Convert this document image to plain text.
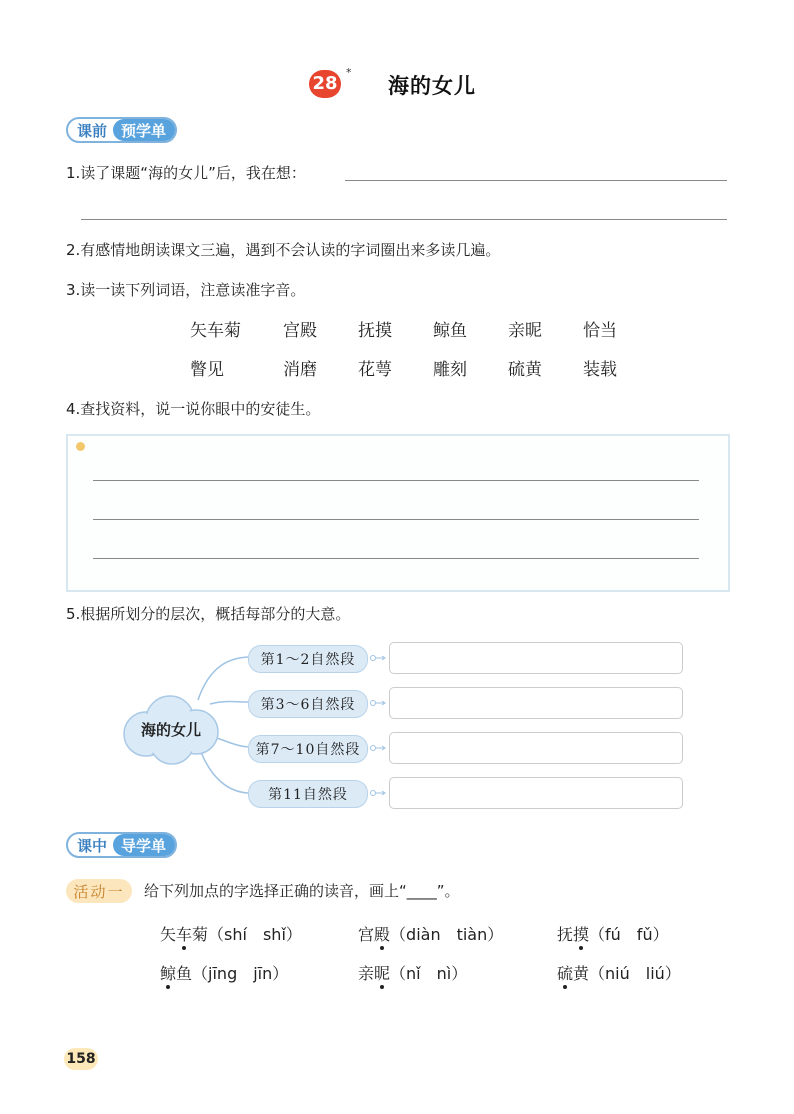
28
*
海的女儿
课前 预学单
1.读了课题“海的女儿”后，我在想：
2.有感情地朗读课文三遍，遇到不会认读的字词圈出来多读几遍。
3.读一读下列词语，注意读准字音。
矢车菊 宫殿 抚摸 鲸鱼 亲昵 恰当
瞥见	消磨 花萼 雕刻 硫黄 装载
4.查找资料，说一说你眼中的安徒生。
5.根据所划分的层次，概括每部分的大意。
海的女儿
第1～2自然段
第3～6自然段
第7～10自然段
第11自然段
课中 导学单
活动一	给下列加点的字选择正确的读音，画上“____”。
矢车菊（shí　shǐ）	宫殿（diàn　tiàn）	抚摸（fú　fǔ）
鲸鱼（jīng　jīn）	亲昵（nǐ　nì）	硫黄（niú　liú）
158
